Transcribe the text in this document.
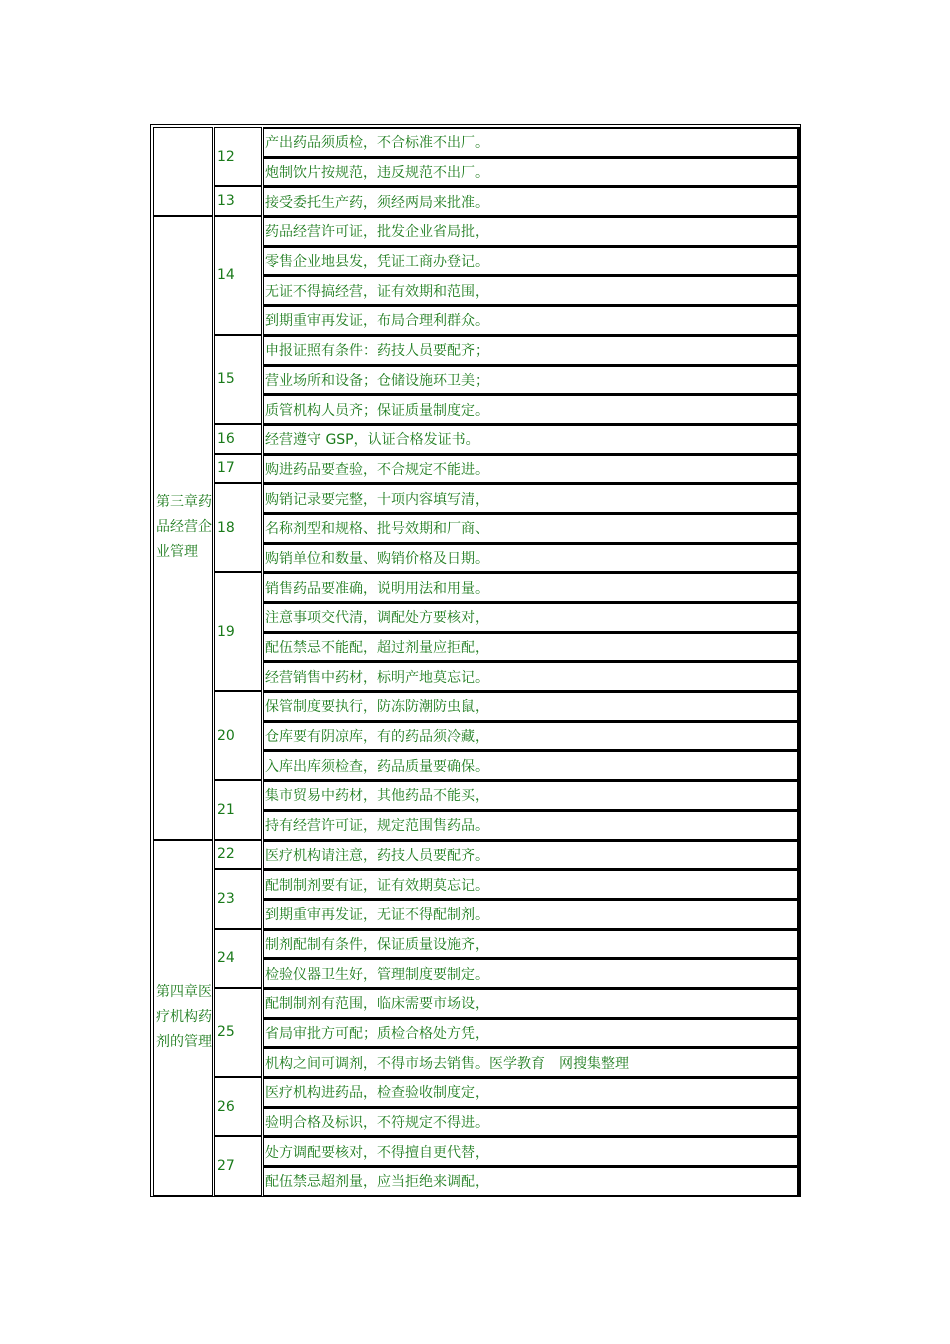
第三章药品经营企业管理
第四章医疗机构药剂的管理
12
13
14
15
16
17
18
19
20
21
22
23
24
25
26
27
产出药品须质检，不合标准不出厂。
炮制饮片按规范，违反规范不出厂。
接受委托生产药，须经两局来批准。
药品经营许可证，批发企业省局批，
零售企业地县发，凭证工商办登记。
无证不得搞经营，证有效期和范围，
到期重审再发证，布局合理利群众。
申报证照有条件：药技人员要配齐；
营业场所和设备；仓储设施环卫美；
质管机构人员齐；保证质量制度定。
经营遵守 GSP，认证合格发证书。
购进药品要查验，不合规定不能进。
购销记录要完整，十项内容填写清，
名称剂型和规格、批号效期和厂商、
购销单位和数量、购销价格及日期。
销售药品要准确，说明用法和用量。
注意事项交代清，调配处方要核对，
配伍禁忌不能配，超过剂量应拒配，
经营销售中药材，标明产地莫忘记。
保管制度要执行，防冻防潮防虫鼠，
仓库要有阴凉库，有的药品须冷藏，
入库出库须检查，药品质量要确保。
集市贸易中药材，其他药品不能买，
持有经营许可证，规定范围售药品。
医疗机构请注意，药技人员要配齐。
配制制剂要有证，证有效期莫忘记。
到期重审再发证，无证不得配制剂。
制剂配制有条件，保证质量设施齐，
检验仪器卫生好，管理制度要制定。
配制制剂有范围，临床需要市场设，
省局审批方可配；质检合格处方凭，
机构之间可调剂，不得市场去销售。医学教育　网搜集整理
医疗机构进药品，检查验收制度定，
验明合格及标识，不符规定不得进。
处方调配要核对，不得擅自更代替，
配伍禁忌超剂量，应当拒绝来调配，
